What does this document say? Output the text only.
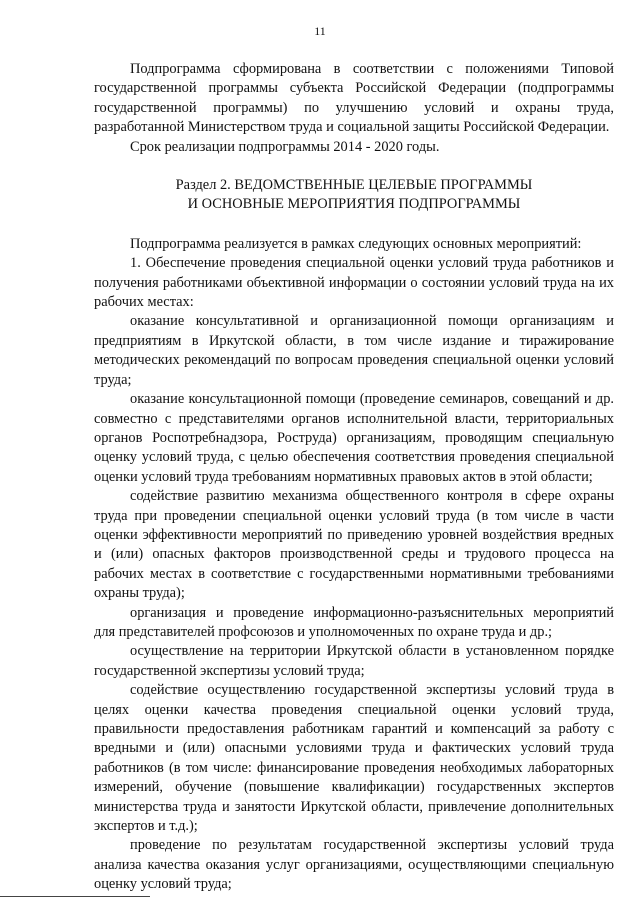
11

Подпрограмма сформирована в соответствии с положениями Типовой государственной программы субъекта Российской Федерации (подпрограммы государственной программы) по улучшению условий и охраны труда, разработанной Министерством труда и социальной защиты Российской Федерации.

Срок реализации подпрограммы 2014 - 2020 годы.

Раздел 2. ВЕДОМСТВЕННЫЕ ЦЕЛЕВЫЕ ПРОГРАММЫ
И ОСНОВНЫЕ МЕРОПРИЯТИЯ ПОДПРОГРАММЫ

Подпрограмма реализуется в рамках следующих основных мероприятий:

1. Обеспечение проведения специальной оценки условий труда работников и получения работниками объективной информации о состоянии условий труда на их рабочих местах:

оказание консультативной и организационной помощи организациям и предприятиям в Иркутской области, в том числе издание и тиражирование методических рекомендаций по вопросам проведения специальной оценки условий труда;

оказание консультационной помощи (проведение семинаров, совещаний и др. совместно с представителями органов исполнительной власти, территориальных органов Роспотребнадзора, Роструда) организациям, проводящим специальную оценку условий труда, с целью обеспечения соответствия проведения специальной оценки условий труда требованиям нормативных правовых актов в этой области;

содействие развитию механизма общественного контроля в сфере охраны труда при проведении специальной оценки условий труда (в том числе в части оценки эффективности мероприятий по приведению уровней воздействия вредных и (или) опасных факторов производственной среды и трудового процесса на рабочих местах в соответствие с государственными нормативными требованиями охраны труда);

организация и проведение информационно-разъяснительных мероприятий для представителей профсоюзов и уполномоченных по охране труда и др.;

осуществление на территории Иркутской области в установленном порядке государственной экспертизы условий труда;

содействие осуществлению государственной экспертизы условий труда в целях оценки качества проведения специальной оценки условий труда, правильности предоставления работникам гарантий и компенсаций за работу с вредными и (или) опасными условиями труда и фактических условий труда работников (в том числе: финансирование проведения необходимых лабораторных измерений, обучение (повышение квалификации) государственных экспертов министерства труда и занятости Иркутской области, привлечение дополнительных экспертов и т.д.);

проведение по результатам государственной экспертизы условий труда анализа качества оказания услуг организациями, осуществляющими специальную оценку условий труда;
